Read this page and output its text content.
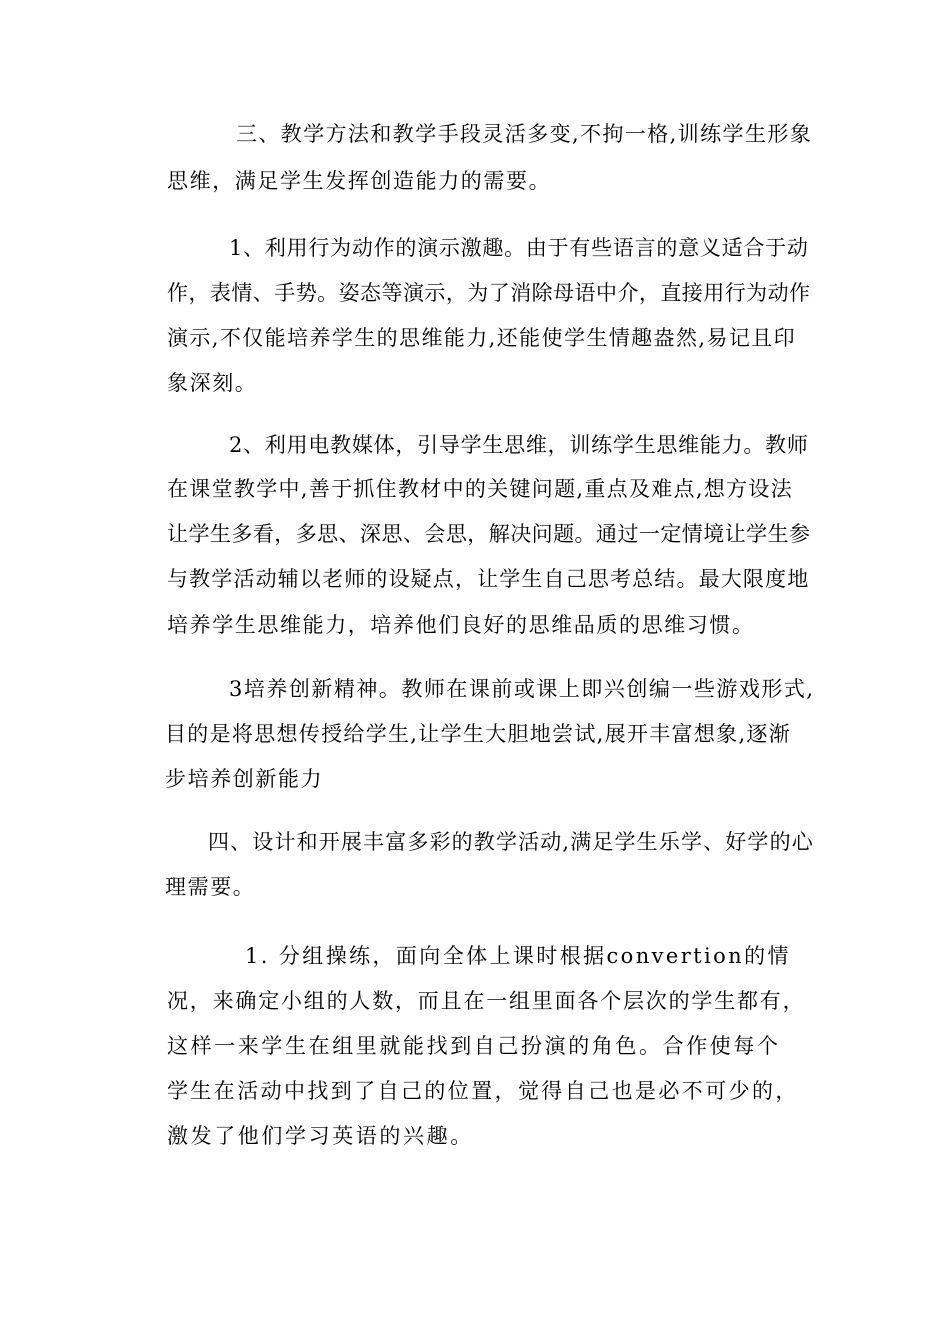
三、教学方法和教学手段灵活多变,不拘一格,训练学生形象
思维，满足学生发挥创造能力的需要。
1、利用行为动作的演示激趣。由于有些语言的意义适合于动
作，表情、手势。姿态等演示，为了消除母语中介，直接用行为动作
演示,不仅能培养学生的思维能力,还能使学生情趣盎然,易记且印
象深刻。
2、利用电教媒体，引导学生思维，训练学生思维能力。教师
在课堂教学中,善于抓住教材中的关键问题,重点及难点,想方设法
让学生多看，多思、深思、会思，解决问题。通过一定情境让学生参
与教学活动辅以老师的设疑点，让学生自己思考总结。最大限度地
培养学生思维能力，培养他们良好的思维品质的思维习惯。
3培养创新精神。教师在课前或课上即兴创编一些游戏形式,
目的是将思想传授给学生,让学生大胆地尝试,展开丰富想象,逐渐
步培养创新能力
四、设计和开展丰富多彩的教学活动,满足学生乐学、好学的心
理需要。
1. 分组操练，面向全体上课时根据convertion的情
况，来确定小组的人数，而且在一组里面各个层次的学生都有，
这样一来学生在组里就能找到自己扮演的角色。合作使每个
学生在活动中找到了自己的位置，觉得自己也是必不可少的，
激发了他们学习英语的兴趣。
